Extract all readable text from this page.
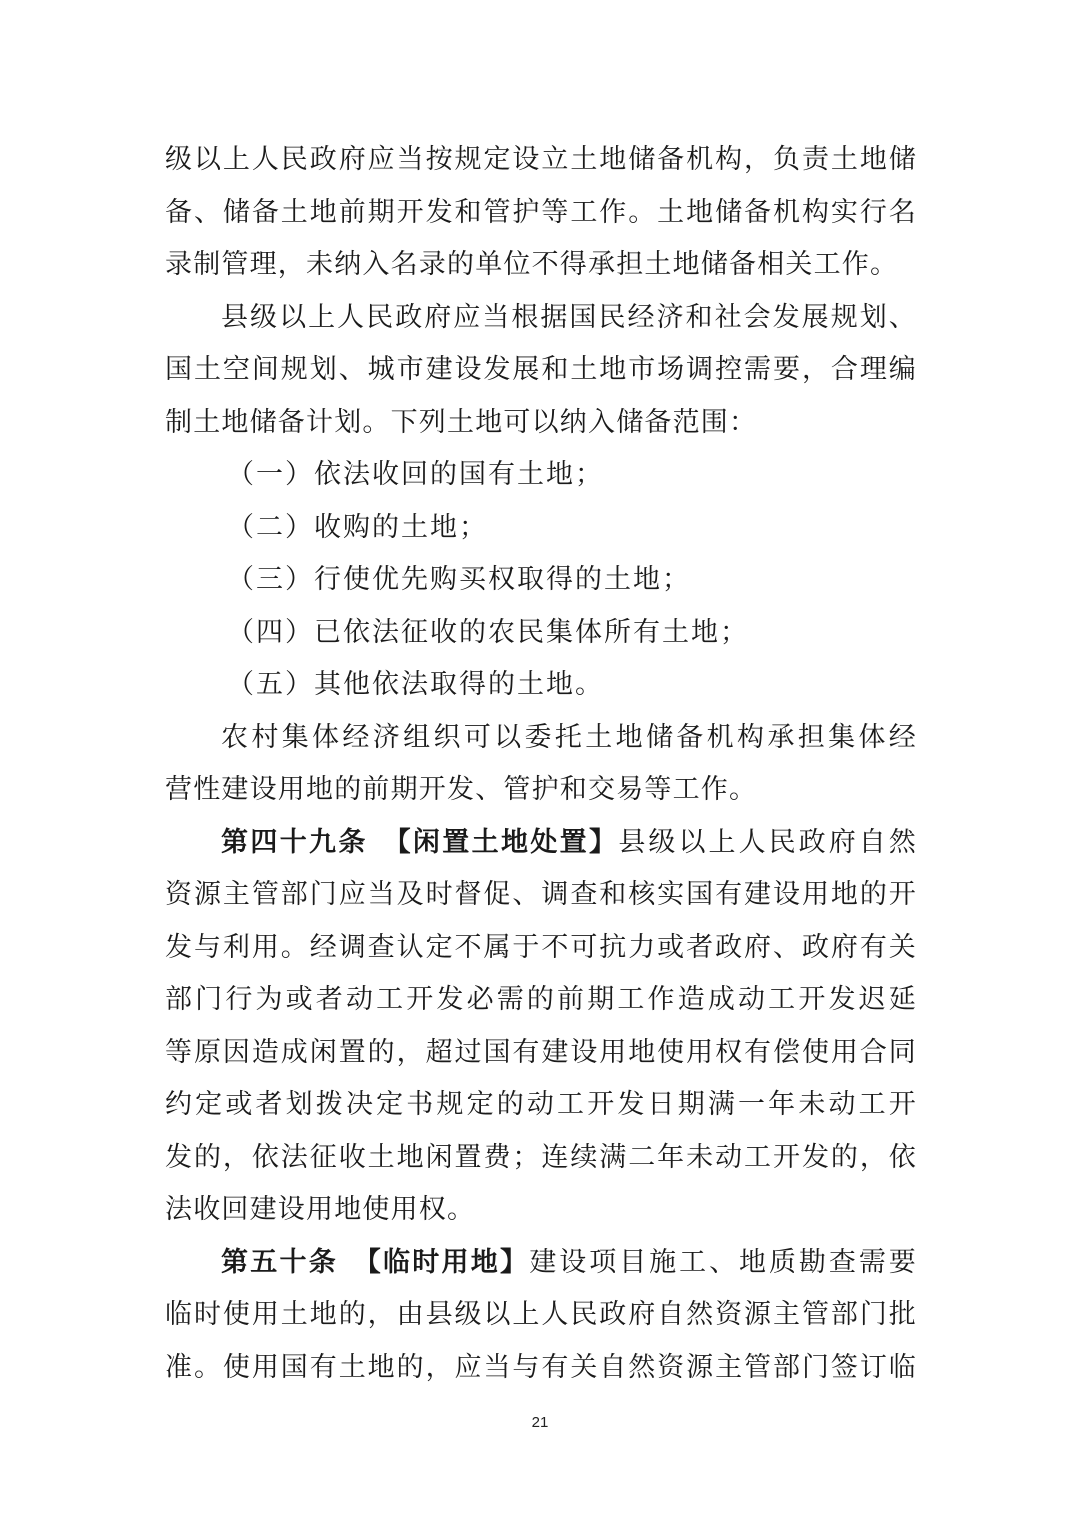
级以上人民政府应当按规定设立土地储备机构，负责土地储
备、储备土地前期开发和管护等工作。土地储备机构实行名
录制管理，未纳入名录的单位不得承担土地储备相关工作。
县级以上人民政府应当根据国民经济和社会发展规划、
国土空间规划、城市建设发展和土地市场调控需要，合理编
制土地储备计划。下列土地可以纳入储备范围：
（一）依法收回的国有土地；
（二）收购的土地；
（三）行使优先购买权取得的土地；
（四）已依法征收的农民集体所有土地；
（五）其他依法取得的土地。
农村集体经济组织可以委托土地储备机构承担集体经
营性建设用地的前期开发、管护和交易等工作。
第四十九条　【闲置土地处置】县级以上人民政府自然
资源主管部门应当及时督促、调查和核实国有建设用地的开
发与利用。经调查认定不属于不可抗力或者政府、政府有关
部门行为或者动工开发必需的前期工作造成动工开发迟延
等原因造成闲置的，超过国有建设用地使用权有偿使用合同
约定或者划拨决定书规定的动工开发日期满一年未动工开
发的，依法征收土地闲置费；连续满二年未动工开发的，依
法收回建设用地使用权。
第五十条　【临时用地】建设项目施工、地质勘查需要
临时使用土地的，由县级以上人民政府自然资源主管部门批
准。使用国有土地的，应当与有关自然资源主管部门签订临
21
